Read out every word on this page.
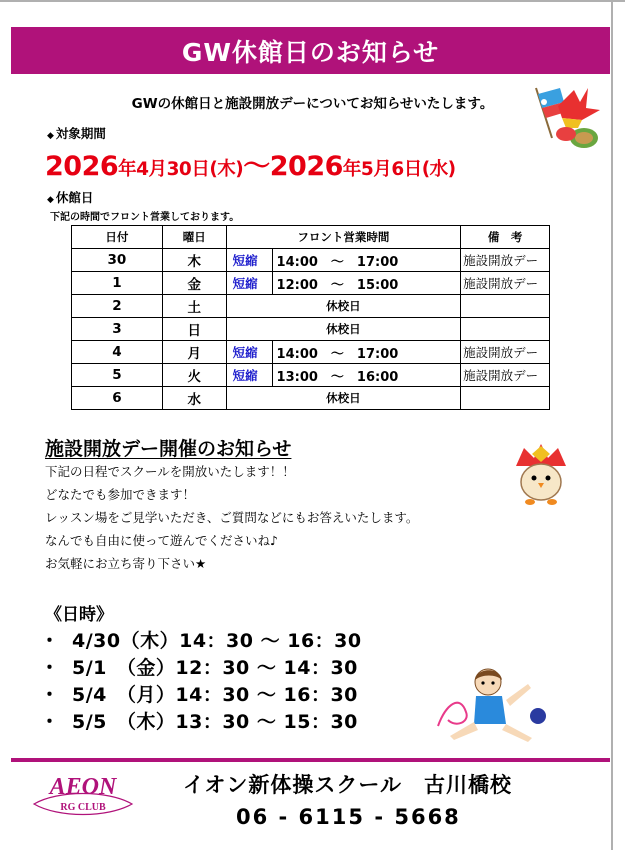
GW休館日のお知らせ
GWの休館日と施設開放デーについてお知らせいたします。
◆ 対象期間
2026年4月30日(木)～2026年5月6日(水)
◆ 休館日
下記の時間でフロント営業しております。
日付	曜日	フロント営業時間		備　考
30	木	短縮	14:00　～　17:00	施設開放デー
1	金	短縮	12:00　～　15:00	施設開放デー
2	土	休校日		
3	日	休校日		
4	月	短縮	14:00　～　17:00	施設開放デー
5	火	短縮	13:00　～　16:00	施設開放デー
6	水	休校日		
施設開放デー開催のお知らせ
下記の日程でスクールを開放いたします！！
どなたでも参加できます！
レッスン場をご見学いただき、ご質問などにもお答えいたします。
なんでも自由に使って遊んでくださいね♪
お気軽にお立ち寄り下さい★
《日時》
・ 4/30（木） 14：30 ～ 16：30
・ 5/1　（金） 12：30 ～ 14：30
・ 5/4　（月） 14：30 ～ 16：30
・ 5/5　（木） 13：30 ～ 15：30
AEON
RG CLUB
イオン新体操スクール　古川橋校
06 - 6115 - 5668
